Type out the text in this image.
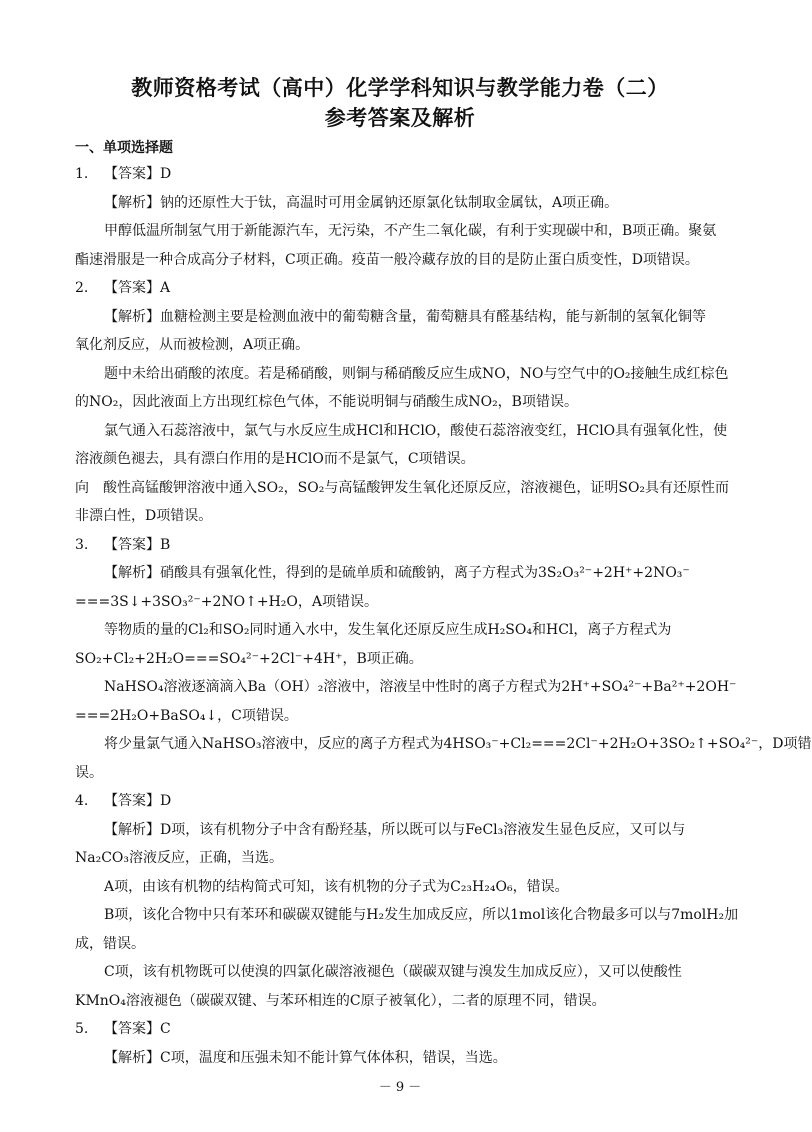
教师资格考试（高中）化学学科知识与教学能力卷（二）
参考答案及解析
一、单项选择题
1. 【答案】D
【解析】钠的还原性大于钛，高温时可用金属钠还原氯化钛制取金属钛，A项正确。
甲醇低温所制氢气用于新能源汽车，无污染，不产生二氧化碳，有利于实现碳中和，B项正确。聚氨
酯速滑服是一种合成高分子材料，C项正确。疫苗一般冷藏存放的目的是防止蛋白质变性，D项错误。
2. 【答案】A
【解析】血糖检测主要是检测血液中的葡萄糖含量，葡萄糖具有醛基结构，能与新制的氢氧化铜等
氧化剂反应，从而被检测，A项正确。
题中未给出硝酸的浓度。若是稀硝酸，则铜与稀硝酸反应生成NO，NO与空气中的O₂接触生成红棕色
的NO₂，因此液面上方出现红棕色气体，不能说明铜与硝酸生成NO₂，B项错误。
氯气通入石蕊溶液中，氯气与水反应生成HCl和HClO，酸使石蕊溶液变红，HClO具有强氧化性，使
溶液颜色褪去，具有漂白作用的是HClO而不是氯气，C项错误。
向　酸性高锰酸钾溶液中通入SO₂，SO₂与高锰酸钾发生氧化还原反应，溶液褪色，证明SO₂具有还原性而
非漂白性，D项错误。
3. 【答案】B
【解析】硝酸具有强氧化性，得到的是硫单质和硫酸钠，离子方程式为3S₂O₃²⁻+2H⁺+2NO₃⁻
===3S↓+3SO₃²⁻+2NO↑+H₂O，A项错误。
等物质的量的Cl₂和SO₂同时通入水中，发生氧化还原反应生成H₂SO₄和HCl，离子方程式为
SO₂+Cl₂+2H₂O===SO₄²⁻+2Cl⁻+4H⁺，B项正确。
NaHSO₄溶液逐滴滴入Ba（OH）₂溶液中，溶液呈中性时的离子方程式为2H⁺+SO₄²⁻+Ba²⁺+2OH⁻
===2H₂O+BaSO₄↓，C项错误。
将少量氯气通入NaHSO₃溶液中，反应的离子方程式为4HSO₃⁻+Cl₂===2Cl⁻+2H₂O+3SO₂↑+SO₄²⁻，D项错
误。
4. 【答案】D
【解析】D项，该有机物分子中含有酚羟基，所以既可以与FeCl₃溶液发生显色反应，又可以与
Na₂CO₃溶液反应，正确，当选。
A项，由该有机物的结构简式可知，该有机物的分子式为C₂₃H₂₄O₆，错误。
B项，该化合物中只有苯环和碳碳双键能与H₂发生加成反应，所以1mol该化合物最多可以与7molH₂加
成，错误。
C项，该有机物既可以使溴的四氯化碳溶液褪色（碳碳双键与溴发生加成反应），又可以使酸性
KMnO₄溶液褪色（碳碳双键、与苯环相连的C原子被氧化），二者的原理不同，错误。
5. 【答案】C
【解析】C项，温度和压强未知不能计算气体体积，错误，当选。
－ 9 －
